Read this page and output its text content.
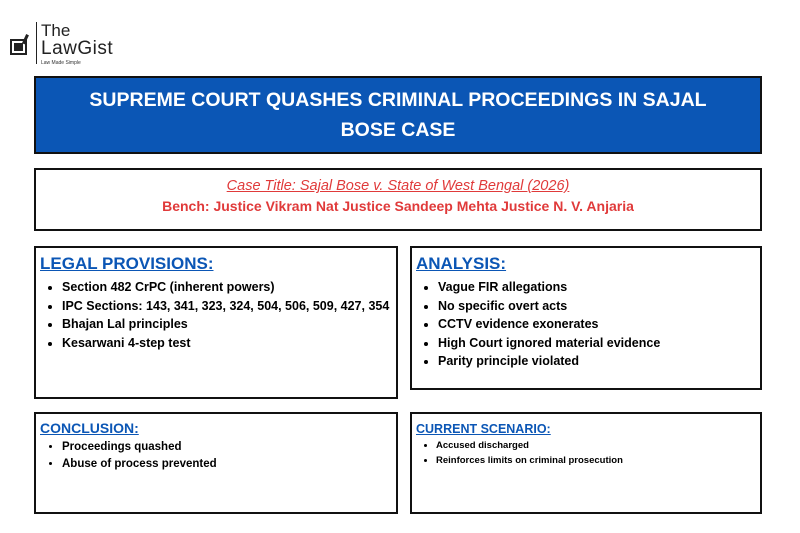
The
LawGist
Law Made Simple
SUPREME COURT QUASHES CRIMINAL PROCEEDINGS IN SAJAL BOSE CASE
Case Title: Sajal Bose v. State of West Bengal (2026)
Bench: Justice Vikram Nat Justice Sandeep Mehta Justice N. V. Anjaria
LEGAL PROVISIONS:
• Section 482 CrPC (inherent powers)
• IPC Sections: 143, 341, 323, 324, 504, 506, 509, 427, 354
• Bhajan Lal principles
• Kesarwani 4-step test
ANALYSIS:
• Vague FIR allegations
• No specific overt acts
• CCTV evidence exonerates
• High Court ignored material evidence
• Parity principle violated
CONCLUSION:
• Proceedings quashed
• Abuse of process prevented
CURRENT SCENARIO:
• Accused discharged
• Reinforces limits on criminal prosecution
